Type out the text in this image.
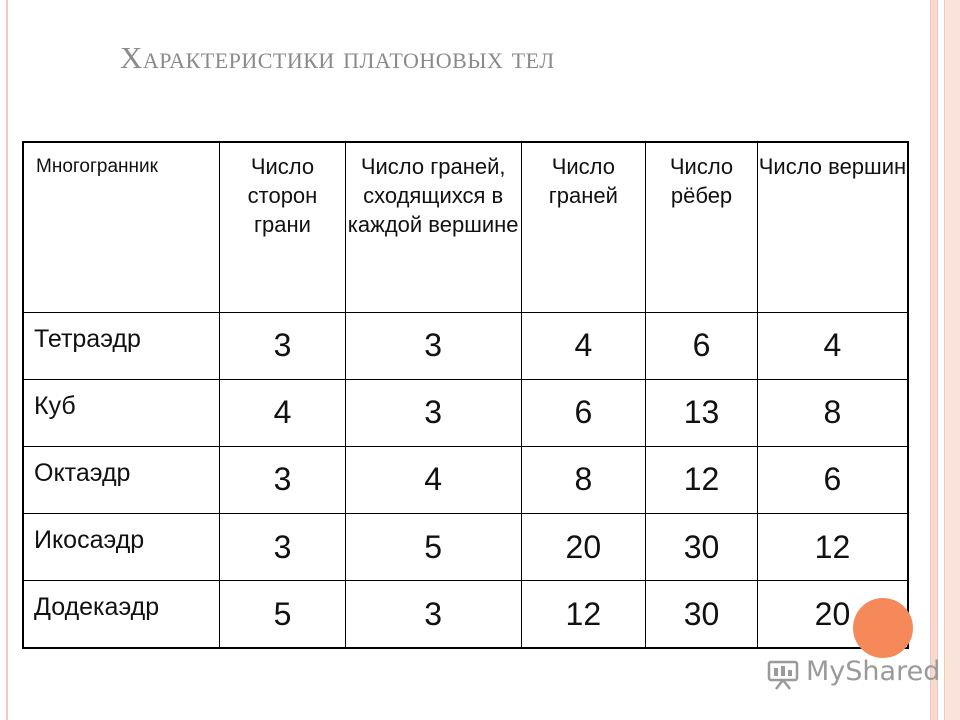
Характеристики платоновых тел
Многогранник	Число сторон грани	Число граней, сходящихся в каждой вершине	Число граней	Число рёбер	Число вершин
Тетраэдр	3	3	4	6	4
Куб	4	3	6	13	8
Октаэдр	3	4	8	12	6
Икосаэдр	3	5	20	30	12
Додекаэдр	5	3	12	30	20
MyShared
